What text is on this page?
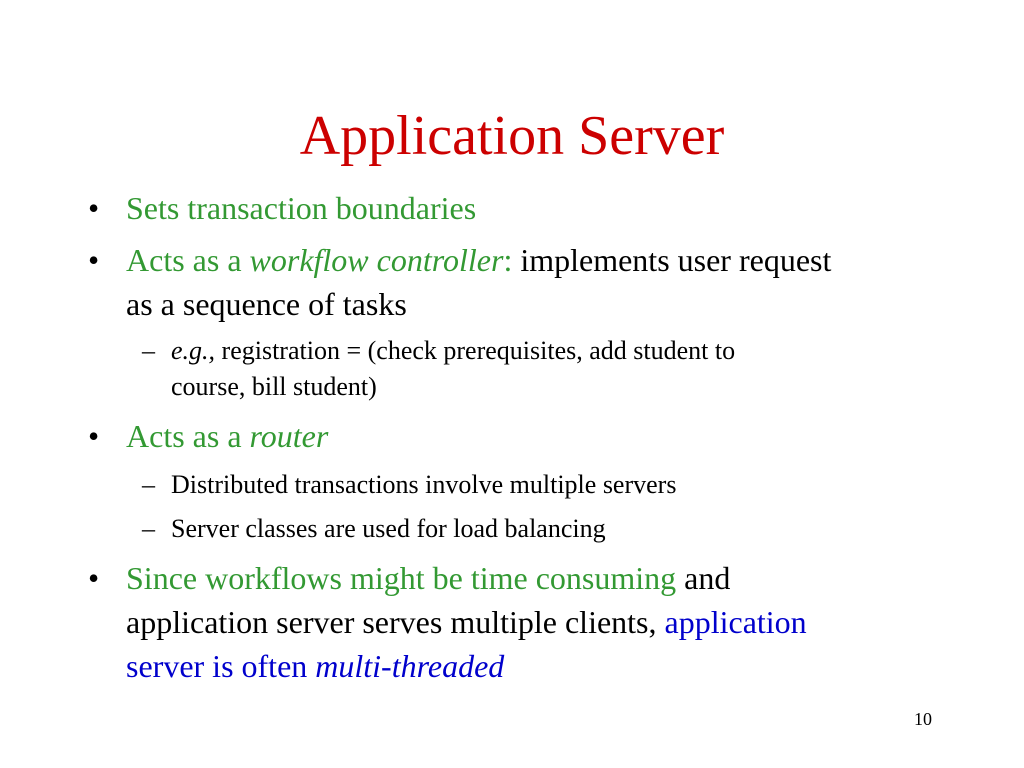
Application Server
• Sets transaction boundaries
• Acts as a workflow controller: implements user request
as a sequence of tasks
– e.g., registration = (check prerequisites, add student to
course, bill student)
• Acts as a router
– Distributed transactions involve multiple servers
– Server classes are used for load balancing
• Since workflows might be time consuming and
application server serves multiple clients, application
server is often multi-threaded
10
